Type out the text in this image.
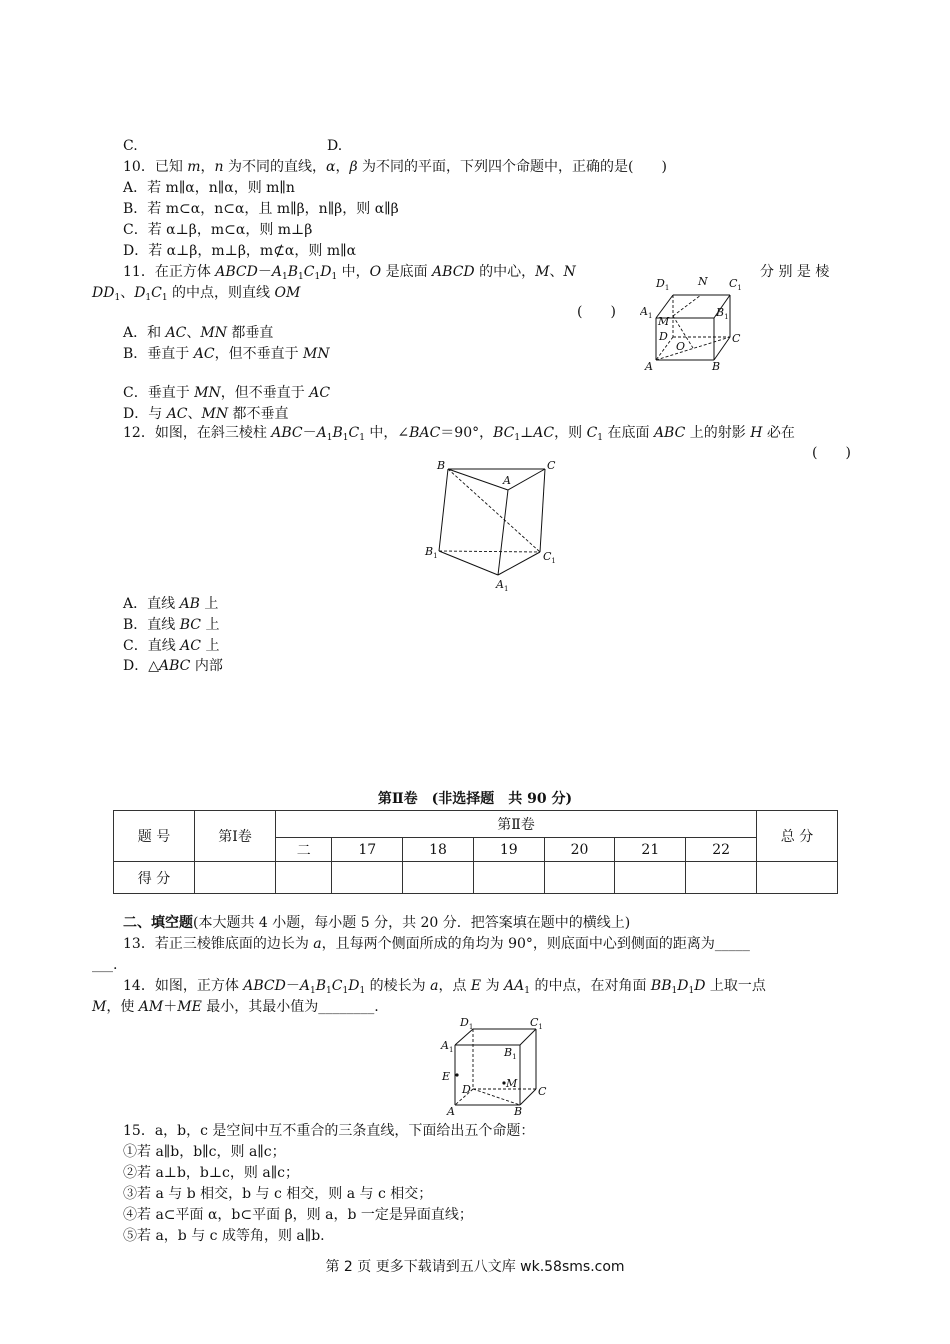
C.	D.
10．已知 m，n 为不同的直线，α，β 为不同的平面，下列四个命题中，正确的是(　　)
A．若 m∥α，n∥α，则 m∥n
B．若 m⊂α，n⊂α，且 m∥β，n∥β，则 α∥β
C．若 α⊥β，m⊂α，则 m⊥β
D．若 α⊥β，m⊥β，m⊄α，则 m∥α
11．在正方体 $ABCD-A_1B_1C_1D_1$ 中，O 是底面 ABCD 的中心，M、N	分 别 是 棱
$DD_1$、$D_1C_1$ 的中点，则直线 OM
(　　)
A．和 AC、MN 都垂直
B．垂直于 AC，但不垂直于 MN
C．垂直于 MN，但不垂直于 AC
D．与 AC、MN 都不垂直
$D_1$	N $C_1$
$A_1$ M
$B_1$
D
O
C
A	B
12．如图，在斜三棱柱 $ABC-A_1B_1C_1$ 中，∠BAC＝90°，$BC_1\perp AC$，则 $C_1$ 在底面 ABC 上的射影 H 必在
(　　)
B
A
C
$B_1$	$C_1$
$A_1$
A．直线 AB 上
B．直线 BC 上
C．直线 AC 上
D．△ABC 内部
第Ⅱ卷　(非选择题　共 90 分)
题 号	第Ⅰ卷	第Ⅱ卷							总 分
		二	17	18	19	20	21	22	
得 分									
二、填空题(本大题共 4 小题，每小题 5 分，共 20 分．把答案填在题中的横线上)
13．若正三棱锥底面的边长为 a，且每两个侧面所成的角均为 90°，则底面中心到侧面的距离为_____
___.
14．如图，正方体 $ABCD-A_1B_1C_1D_1$ 的棱长为 a，点 E 为 $AA_1$ 的中点，在对角面 $BB_1D_1D$ 上取一点
M，使 AM＋ME 最小，其最小值为________.
$D_1$	$C_1$
$A_1$	$B_1$
E
D	M
C
A	B
15．a，b，c 是空间中互不重合的三条直线，下面给出五个命题：
①若 a∥b，b∥c，则 a∥c；
②若 a⊥b，b⊥c，则 a∥c；
③若 a 与 b 相交，b 与 c 相交，则 a 与 c 相交；
④若 a⊂平面 α，b⊂平面 β，则 a，b 一定是异面直线；
⑤若 a，b 与 c 成等角，则 a∥b.
第 2 页 更多下载请到五八文库 wk.58sms.com
